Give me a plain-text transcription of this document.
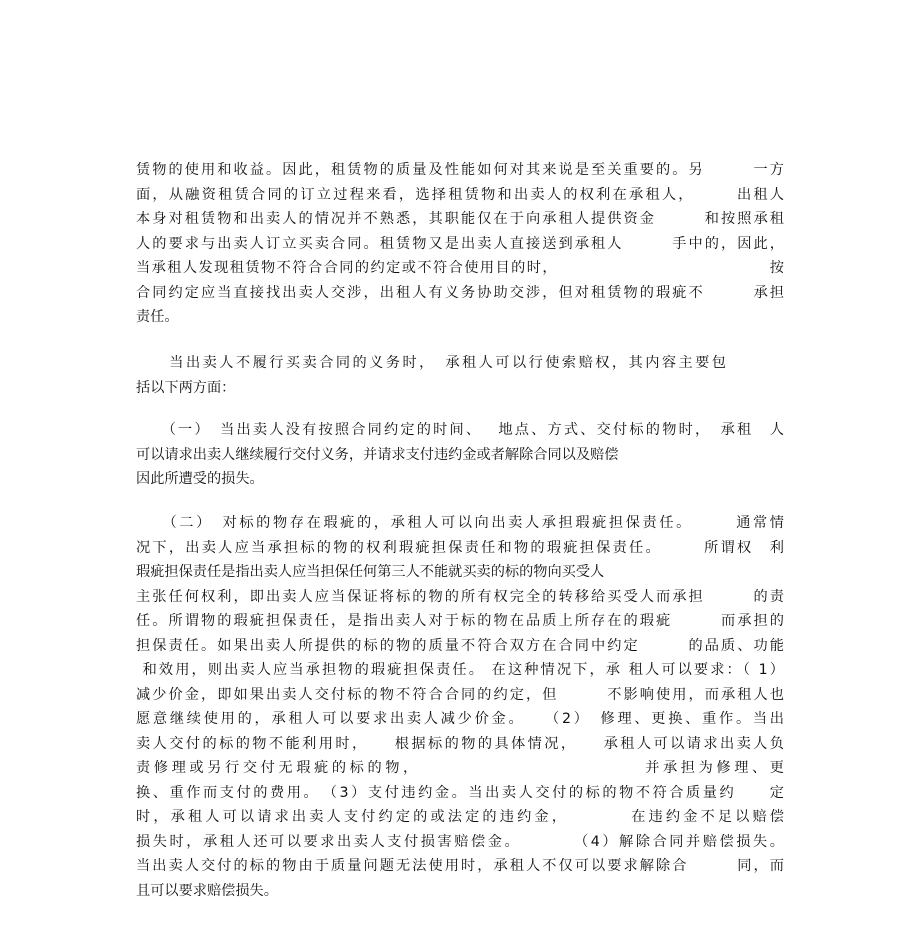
赁物的使用和收益。因此，租赁物的质量及性能如何对其来说是至关重要的。另　　　一方
面，从融资租赁合同的订立过程来看，选择租赁物和出卖人的权利在承租人，　　　出租人
本身对租赁物和出卖人的情况并不熟悉，其职能仅在于向承租人提供资金　　　和按照承租
人的要求与出卖人订立买卖合同。租赁物又是出卖人直接送到承租人　　　手中的，因此，
当承租人发现租赁物不符合合同的约定或不符合使用目的时，　　　　　　　　　　　　　　按
合同约定应当直接找出卖人交涉，出租人有义务协助交涉，但对租赁物的瑕疵不　　　承担
责任。
　　当出卖人不履行买卖合同的义务时，　承租人可以行使索赔权，其内容主要包
括以下两方面：
　　（一）　当出卖人没有按照合同约定的时间、　 地点、方式、交付标的物时，　承租　人
可以请求出卖人继续履行交付义务，并请求支付违约金或者解除合同以及赔偿
因此所遭受的损失。
　　（二）　对标的物存在瑕疵的，承租人可以向出卖人承担瑕疵担保责任。　　　通常情
况下，出卖人应当承担标的物的权利瑕疵担保责任和物的瑕疵担保责任。　　　所谓权　利
瑕疵担保责任是指出卖人应当担保任何第三人不能就买卖的标的物向买受人
主张任何权利，即出卖人应当保证将标的物的所有权完全的转移给买受人而承担　　　的责
任。所谓物的瑕疵担保责任，是指出卖人对于标的物在品质上所存在的瑕疵　　　而承担的
担保责任。如果出卖人所提供的标的物的质量不符合双方在合同中约定　　　的品质、功能
和效用，则出卖人应当承担物的瑕疵担保责任。 在这种情况下，承 租人可以要求：（ 1）
减少价金，即如果出卖人交付标的物不符合合同的约定，但　　　不影响使用，而承租人也
愿意继续使用的，承租人可以要求出卖人减少价金。　　（2）　修理、更换、重作。当出
卖人交付的标的物不能利用时，　　根据标的物的具体情况，　　承租人可以请求出卖人负
责修理或另行交付无瑕疵的标的物，　　　　　　　　　　　　　并承担为修理、更
换、重作而支付的费用。　（3）支付违约金。当出卖人交付的标的物不符合质量约　　定
时，承租人可以请求出卖人支付约定的或法定的违约金，　　　　在违约金不足以赔偿
损失时，承租人还可以要求出卖人支付损害赔偿金。　　　　（4）解除合同并赔偿损失。
当出卖人交付的标的物由于质量问题无法使用时，承租人不仅可以要求解除合　　　同，而
且可以要求赔偿损失。
